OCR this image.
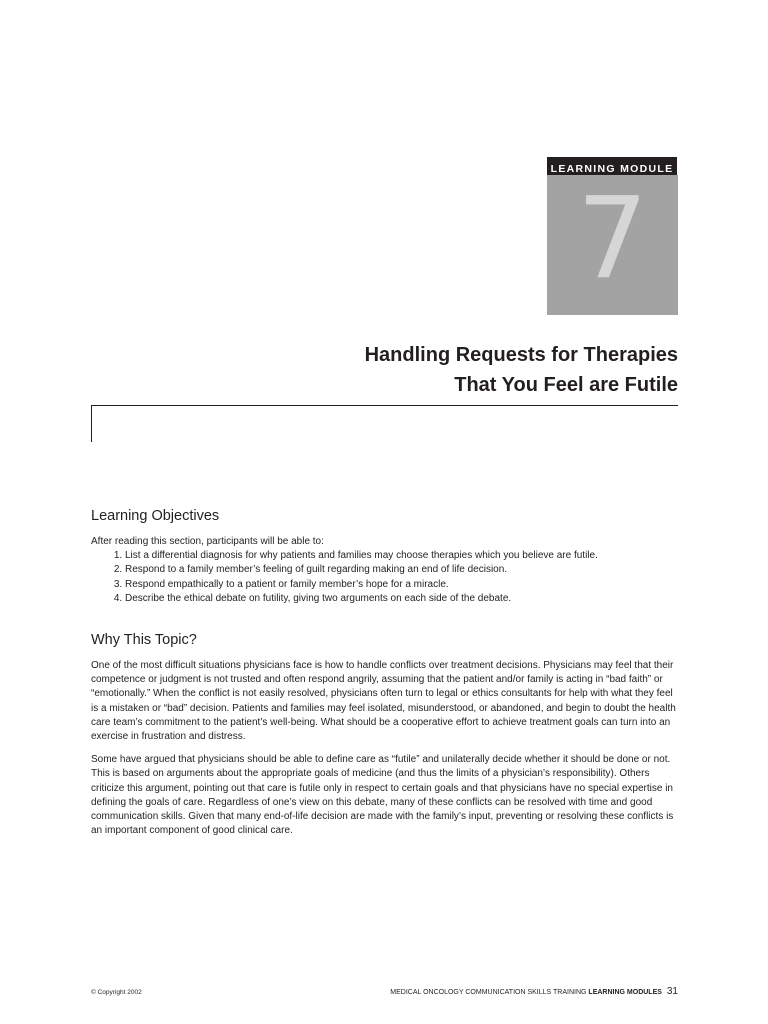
LEARNING MODULE
7
Handling Requests for Therapies
That You Feel are Futile
Learning Objectives

After reading this section, participants will be able to:

1. List a differential diagnosis for why patients and families may choose therapies which you believe are futile.
2. Respond to a family member’s feeling of guilt regarding making an end of life decision.
3. Respond empathically to a patient or family member’s hope for a miracle.
4. Describe the ethical debate on futility, giving two arguments on each side of the debate.
Why This Topic?

One of the most difficult situations physicians face is how to handle conflicts over treatment decisions. Physicians may feel that their competence or judgment is not trusted and often respond angrily, assuming that the patient and/or family is acting in “bad faith” or “emotionally.” When the conflict is not easily resolved, physicians often turn to legal or ethics consultants for help with what they feel is a mistaken or “bad” decision. Patients and families may feel isolated, misunderstood, or abandoned, and begin to doubt the health care team’s commitment to the patient’s well-being. What should be a cooperative effort to achieve treatment goals can turn into an exercise in frustration and distress.

Some have argued that physicians should be able to define care as “futile” and unilaterally decide whether it should be done or not. This is based on arguments about the appropriate goals of medicine (and thus the limits of a physician’s responsibility). Others criticize this argument, pointing out that care is futile only in respect to certain goals and that physicians have no special expertise in defining the goals of care. Regardless of one’s view on this debate, many of these conflicts can be resolved with time and good communication skills. Given that many end-of-life decision are made with the family’s input, preventing or resolving these conflicts is an important component of good clinical care.

© Copyright 2002	MEDICAL ONCOLOGY COMMUNICATION SKILLS TRAINING LEARNING MODULES 31
